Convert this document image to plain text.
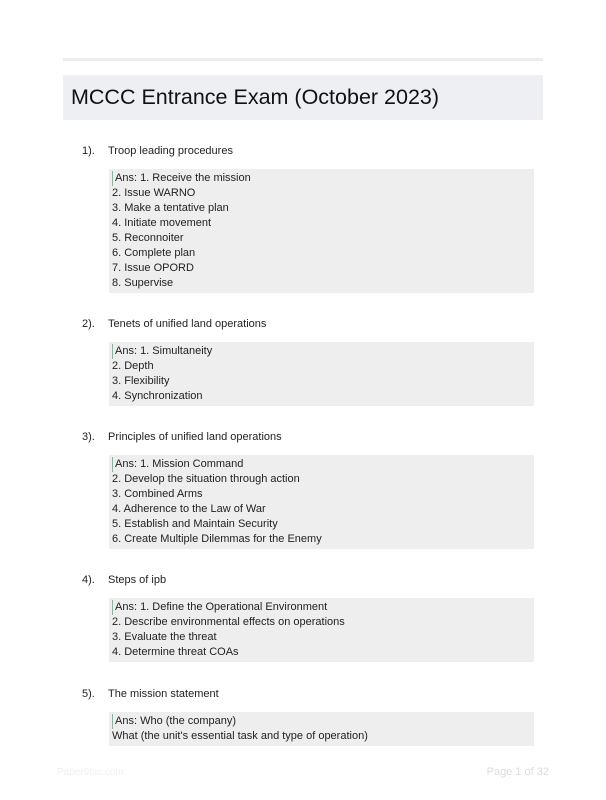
MCCC Entrance Exam (October 2023)
1). Troop leading procedures
Ans: 1. Receive the mission
2. Issue WARNO
3. Make a tentative plan
4. Initiate movement
5. Reconnoiter
6. Complete plan
7. Issue OPORD
8. Supervise
2). Tenets of unified land operations
Ans: 1. Simultaneity
2. Depth
3. Flexibility
4. Synchronization
3). Principles of unified land operations
Ans: 1. Mission Command
2. Develop the situation through action
3. Combined Arms
4. Adherence to the Law of War
5. Establish and Maintain Security
6. Create Multiple Dilemmas for the Enemy
4). Steps of ipb
Ans: 1. Define the Operational Environment
2. Describe environmental effects on operations
3. Evaluate the threat
4. Determine threat COAs
5). The mission statement
Ans: Who (the company)
What (the unit's essential task and type of operation)
Paper9bic.com	Page 1 of 32
